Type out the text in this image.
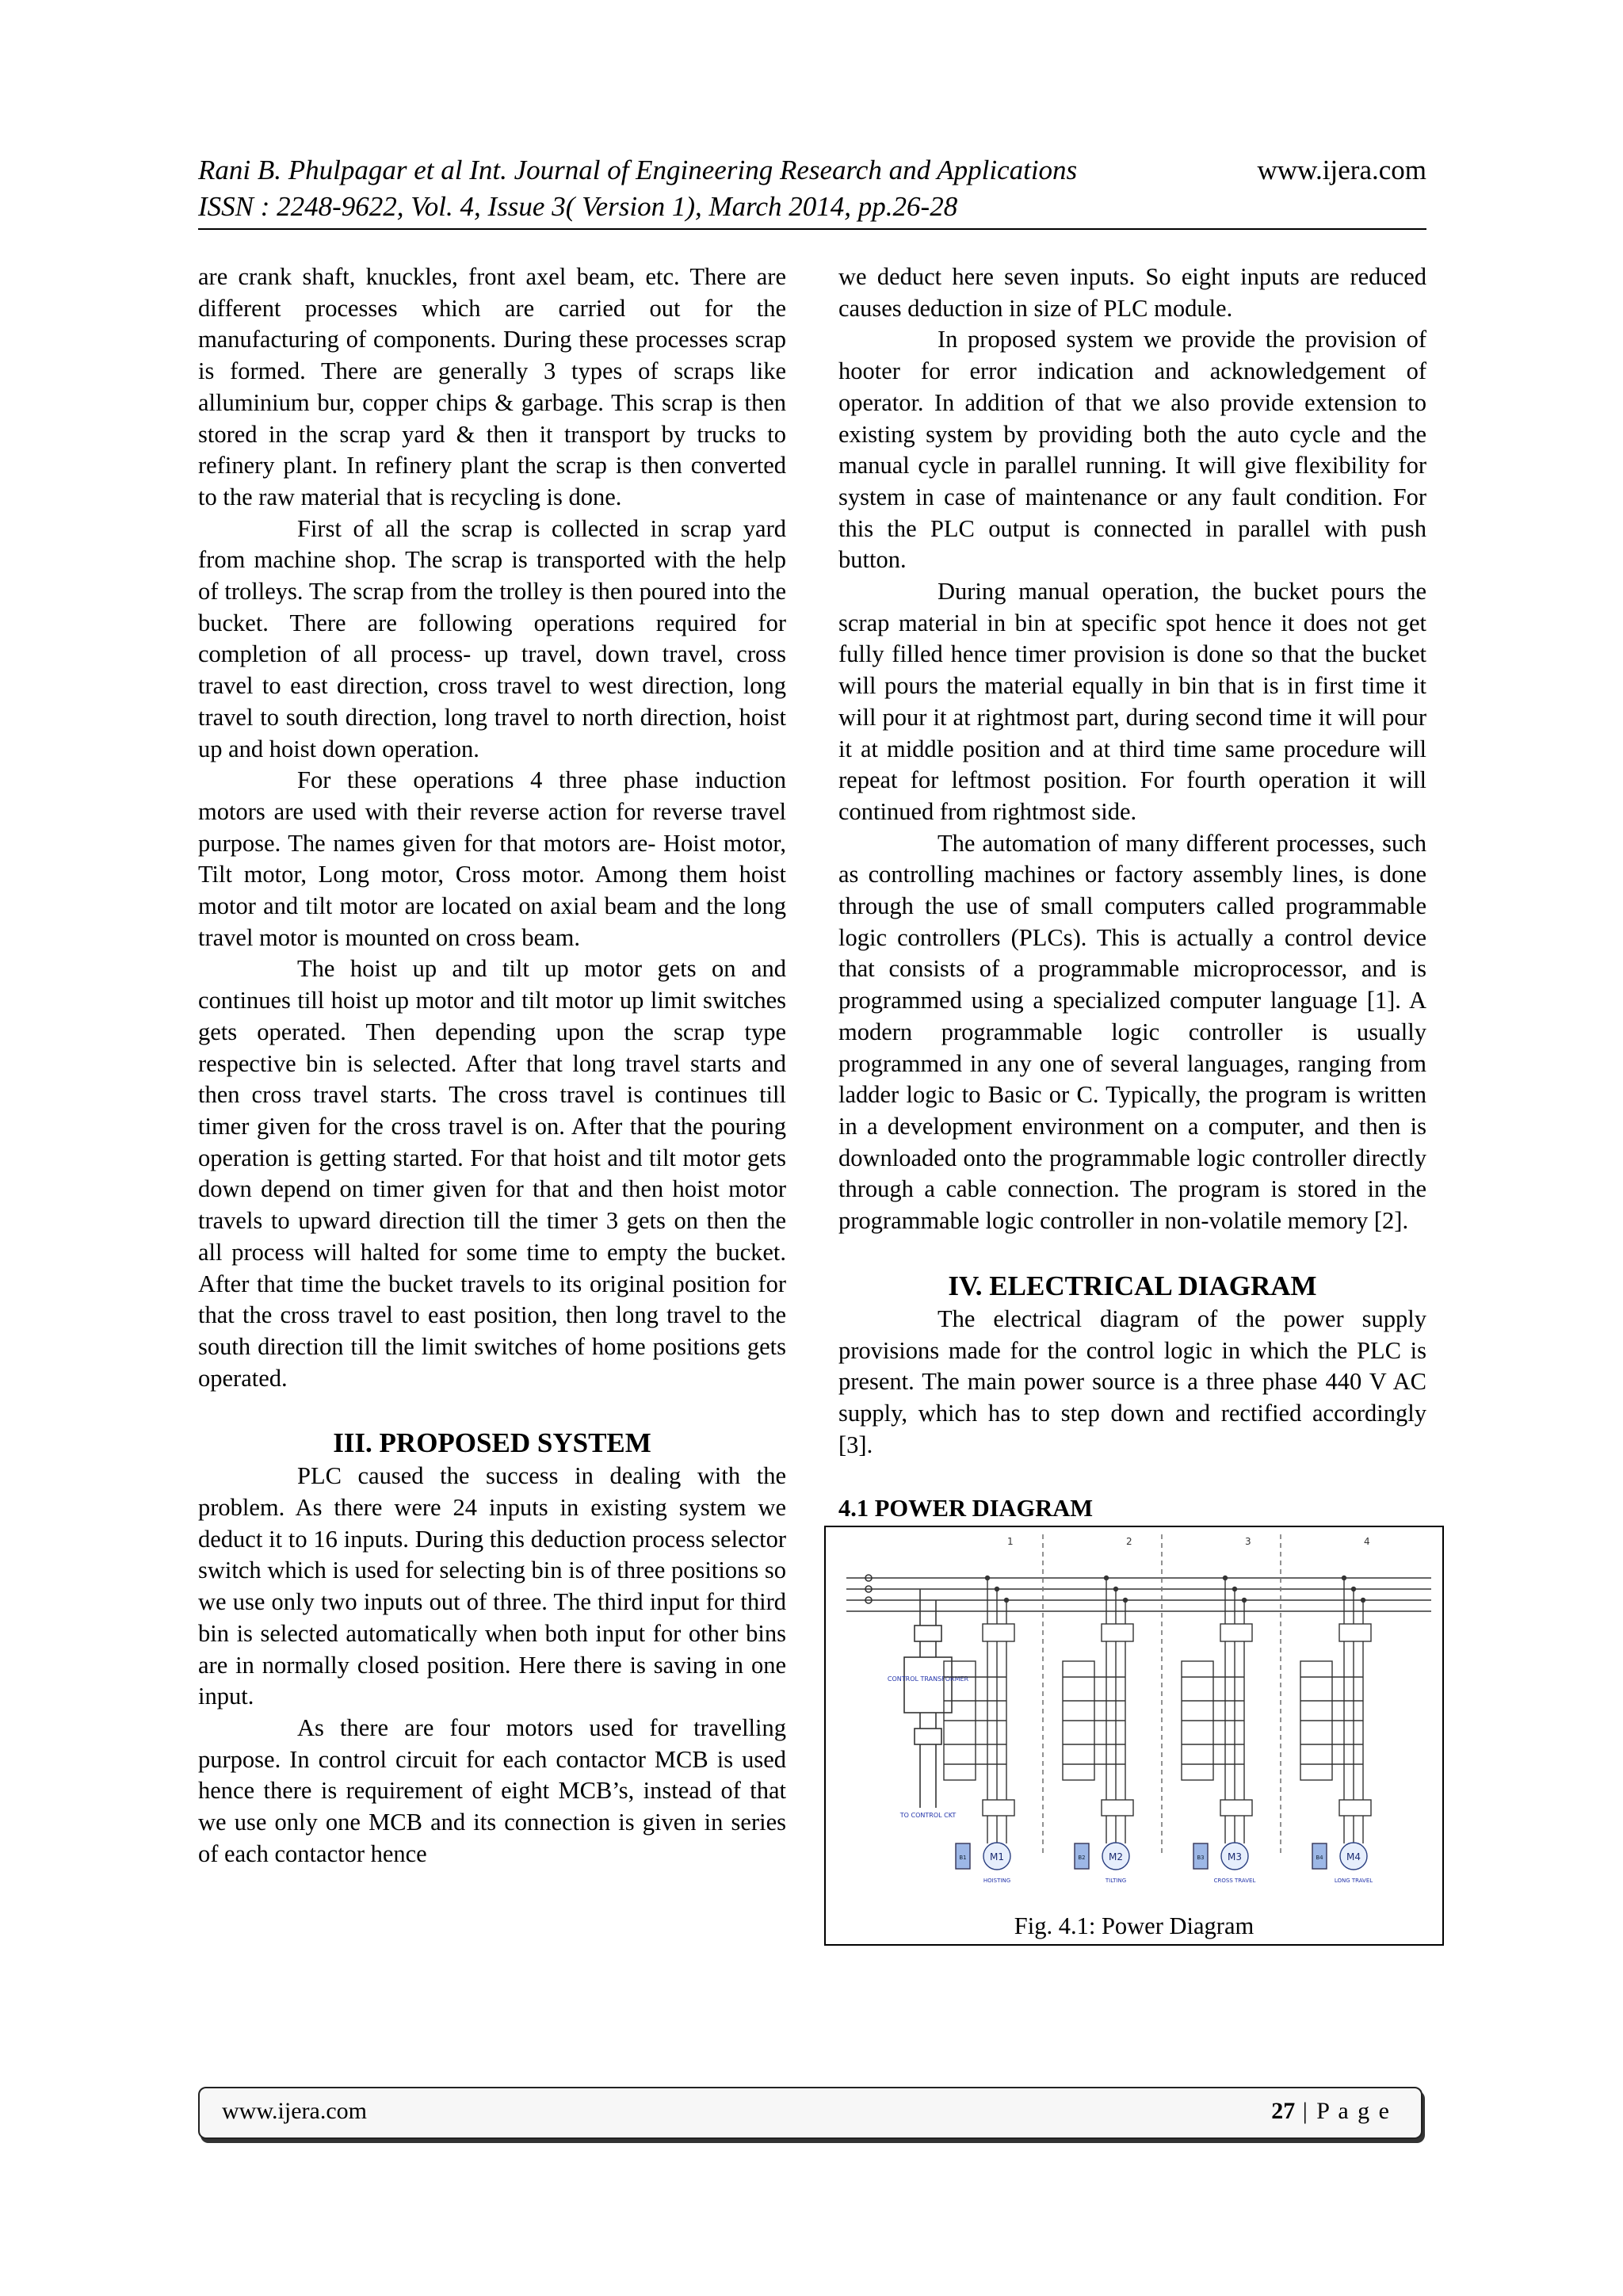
Rani B. Phulpagar et al Int. Journal of Engineering Research and Applications	www.ijera.com
ISSN : 2248-9622, Vol. 4, Issue 3( Version 1), March 2014, pp.26-28

are crank shaft, knuckles, front axel beam, etc. There are different processes which are carried out for the manufacturing of components. During these processes scrap is formed. There are generally 3 types of scraps like alluminium bur, copper chips & garbage. This scrap is then stored in the scrap yard & then it transport by trucks to refinery plant. In refinery plant the scrap is then converted to the raw material that is recycling is done.

First of all the scrap is collected in scrap yard from machine shop. The scrap is transported with the help of trolleys. The scrap from the trolley is then poured into the bucket. There are following operations required for completion of all process- up travel, down travel, cross travel to east direction, cross travel to west direction, long travel to south direction, long travel to north direction, hoist up and hoist down operation.

For these operations 4 three phase induction motors are used with their reverse action for reverse travel purpose. The names given for that motors are- Hoist motor, Tilt motor, Long motor, Cross motor. Among them hoist motor and tilt motor are located on axial beam and the long travel motor is mounted on cross beam.

The hoist up and tilt up motor gets on and continues till hoist up motor and tilt motor up limit switches gets operated. Then depending upon the scrap type respective bin is selected. After that long travel starts and then cross travel starts. The cross travel is continues till timer given for the cross travel is on. After that the pouring operation is getting started. For that hoist and tilt motor gets down depend on timer given for that and then hoist motor travels to upward direction till the timer 3 gets on then the all process will halted for some time to empty the bucket. After that time the bucket travels to its original position for that the cross travel to east position, then long travel to the south direction till the limit switches of home positions gets operated.

III. PROPOSED SYSTEM

PLC caused the success in dealing with the problem. As there were 24 inputs in existing system we deduct it to 16 inputs. During this deduction process selector switch which is used for selecting bin is of three positions so we use only two inputs out of three. The third input for third bin is selected automatically when both input for other bins are in normally closed position. Here there is saving in one input.

As there are four motors used for travelling purpose. In control circuit for each contactor MCB is used hence there is requirement of eight MCB’s, instead of that we use only one MCB and its connection is given in series of each contactor hence

we deduct here seven inputs. So eight inputs are reduced causes deduction in size of PLC module.

In proposed system we provide the provision of hooter for error indication and acknowledgement of operator. In addition of that we also provide extension to existing system by providing both the auto cycle and the manual cycle in parallel running. It will give flexibility for system in case of maintenance or any fault condition. For this the PLC output is connected in parallel with push button.

During manual operation, the bucket pours the scrap material in bin at specific spot hence it does not get fully filled hence timer provision is done so that the bucket will pours the material equally in bin that is in first time it will pour it at rightmost part, during second time it will pour it at middle position and at third time same procedure will repeat for leftmost position. For fourth operation it will continued from rightmost side.

The automation of many different processes, such as controlling machines or factory assembly lines, is done through the use of small computers called programmable logic controllers (PLCs). This is actually a control device that consists of a programmable microprocessor, and is programmed using a specialized computer language [1]. A modern programmable logic controller is usually programmed in any one of several languages, ranging from ladder logic to Basic or C. Typically, the program is written in a development environment on a computer, and then is downloaded onto the programmable logic controller directly through a cable connection. The program is stored in the programmable logic controller in non-volatile memory [2].

IV. ELECTRICAL DIAGRAM

The electrical diagram of the power supply provisions made for the control logic in which the PLC is present. The main power source is a three phase 440 V AC supply, which has to step down and rectified accordingly [3].

4.1 POWER DIAGRAM
CONTROL TRANSFORMER
TO CONTROL CKT
1
B1 M1
HOISTING
2
B2 M2
TILTING
3
B3 M3
CROSS TRAVEL
4
B4 M4
LONG TRAVEL
Fig. 4.1: Power Diagram
www.ijera.com	27 | P a g e
